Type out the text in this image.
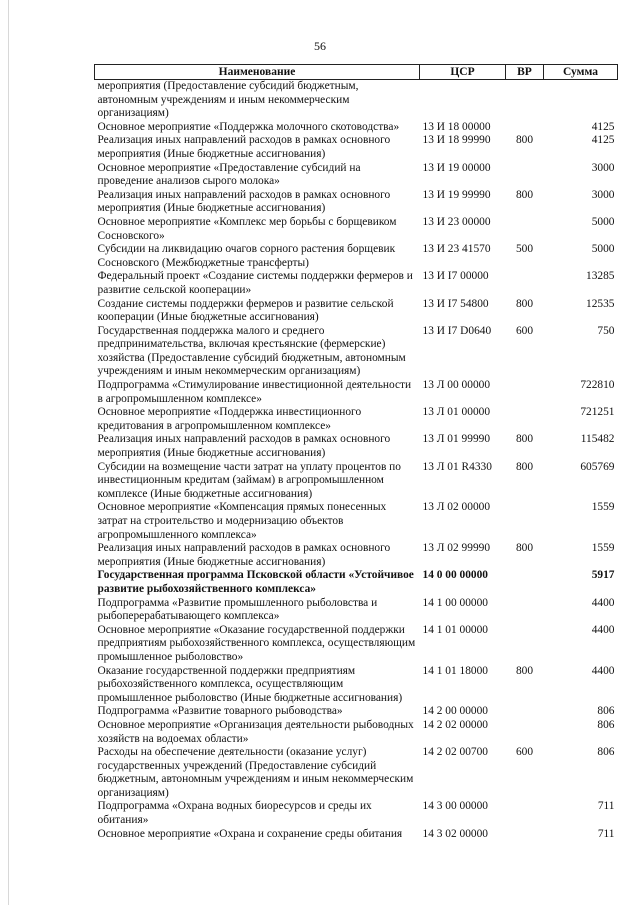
56
Наименование	ЦСР	ВР	Сумма
мероприятия (Предоставление субсидий бюджетным, автономным учреждениям и иным некоммерческим организациям)			
Основное мероприятие «Поддержка молочного скотоводства»	13 И 18 00000		4125
Реализация иных направлений расходов в рамках основного мероприятия (Иные бюджетные ассигнования)	13 И 18 99990	800	4125
Основное мероприятие «Предоставление субсидий на проведение анализов сырого молока»	13 И 19 00000		3000
Реализация иных направлений расходов в рамках основного мероприятия (Иные бюджетные ассигнования)	13 И 19 99990	800	3000
Основное мероприятие «Комплекс мер борьбы с борщевиком Сосновского»	13 И 23 00000		5000
Субсидии на ликвидацию очагов сорного растения борщевик Сосновского (Межбюджетные трансферты)	13 И 23 41570	500	5000
Федеральный проект «Создание системы поддержки фермеров и развитие сельской кооперации»	13 И I7 00000		13285
Создание системы поддержки фермеров и развитие сельской кооперации (Иные бюджетные ассигнования)	13 И I7 54800	800	12535
Государственная поддержка малого и среднего предпринимательства, включая крестьянские (фермерские) хозяйства (Предоставление субсидий бюджетным, автономным учреждениям и иным некоммерческим организациям)	13 И I7 D0640	600	750
Подпрограмма «Стимулирование инвестиционной деятельности в агропромышленном комплексе»	13 Л 00 00000		722810
Основное мероприятие «Поддержка инвестиционного кредитования в агропромышленном комплексе»	13 Л 01 00000		721251
Реализация иных направлений расходов в рамках основного мероприятия (Иные бюджетные ассигнования)	13 Л 01 99990	800	115482
Субсидии на возмещение части затрат на уплату процентов по инвестиционным кредитам (займам) в агропромышленном комплексе (Иные бюджетные ассигнования)	13 Л 01 R4330	800	605769
Основное мероприятие «Компенсация прямых понесенных затрат на строительство и модернизацию объектов агропромышленного комплекса»	13 Л 02 00000		1559
Реализация иных направлений расходов в рамках основного мероприятия (Иные бюджетные ассигнования)	13 Л 02 99990	800	1559
Государственная программа Псковской области «Устойчивое развитие рыбохозяйственного комплекса»	14 0 00 00000		5917
Подпрограмма «Развитие промышленного рыболовства и рыбоперерабатывающего комплекса»	14 1 00 00000		4400
Основное мероприятие «Оказание государственной поддержки предприятиям рыбохозяйственного комплекса, осуществляющим промышленное рыболовство»	14 1 01 00000		4400
Оказание государственной поддержки предприятиям рыбохозяйственного комплекса, осуществляющим промышленное рыболовство (Иные бюджетные ассигнования)	14 1 01 18000	800	4400
Подпрограмма «Развитие товарного рыбоводства»	14 2 00 00000		806
Основное мероприятие «Организация деятельности рыбоводных хозяйств на водоемах области»	14 2 02 00000		806
Расходы на обеспечение деятельности (оказание услуг) государственных учреждений (Предоставление субсидий бюджетным, автономным учреждениям и иным некоммерческим организациям)	14 2 02 00700	600	806
Подпрограмма «Охрана водных биоресурсов и среды их обитания»	14 3 00 00000		711
Основное мероприятие «Охрана и сохранение среды обитания	14 3 02 00000		711
